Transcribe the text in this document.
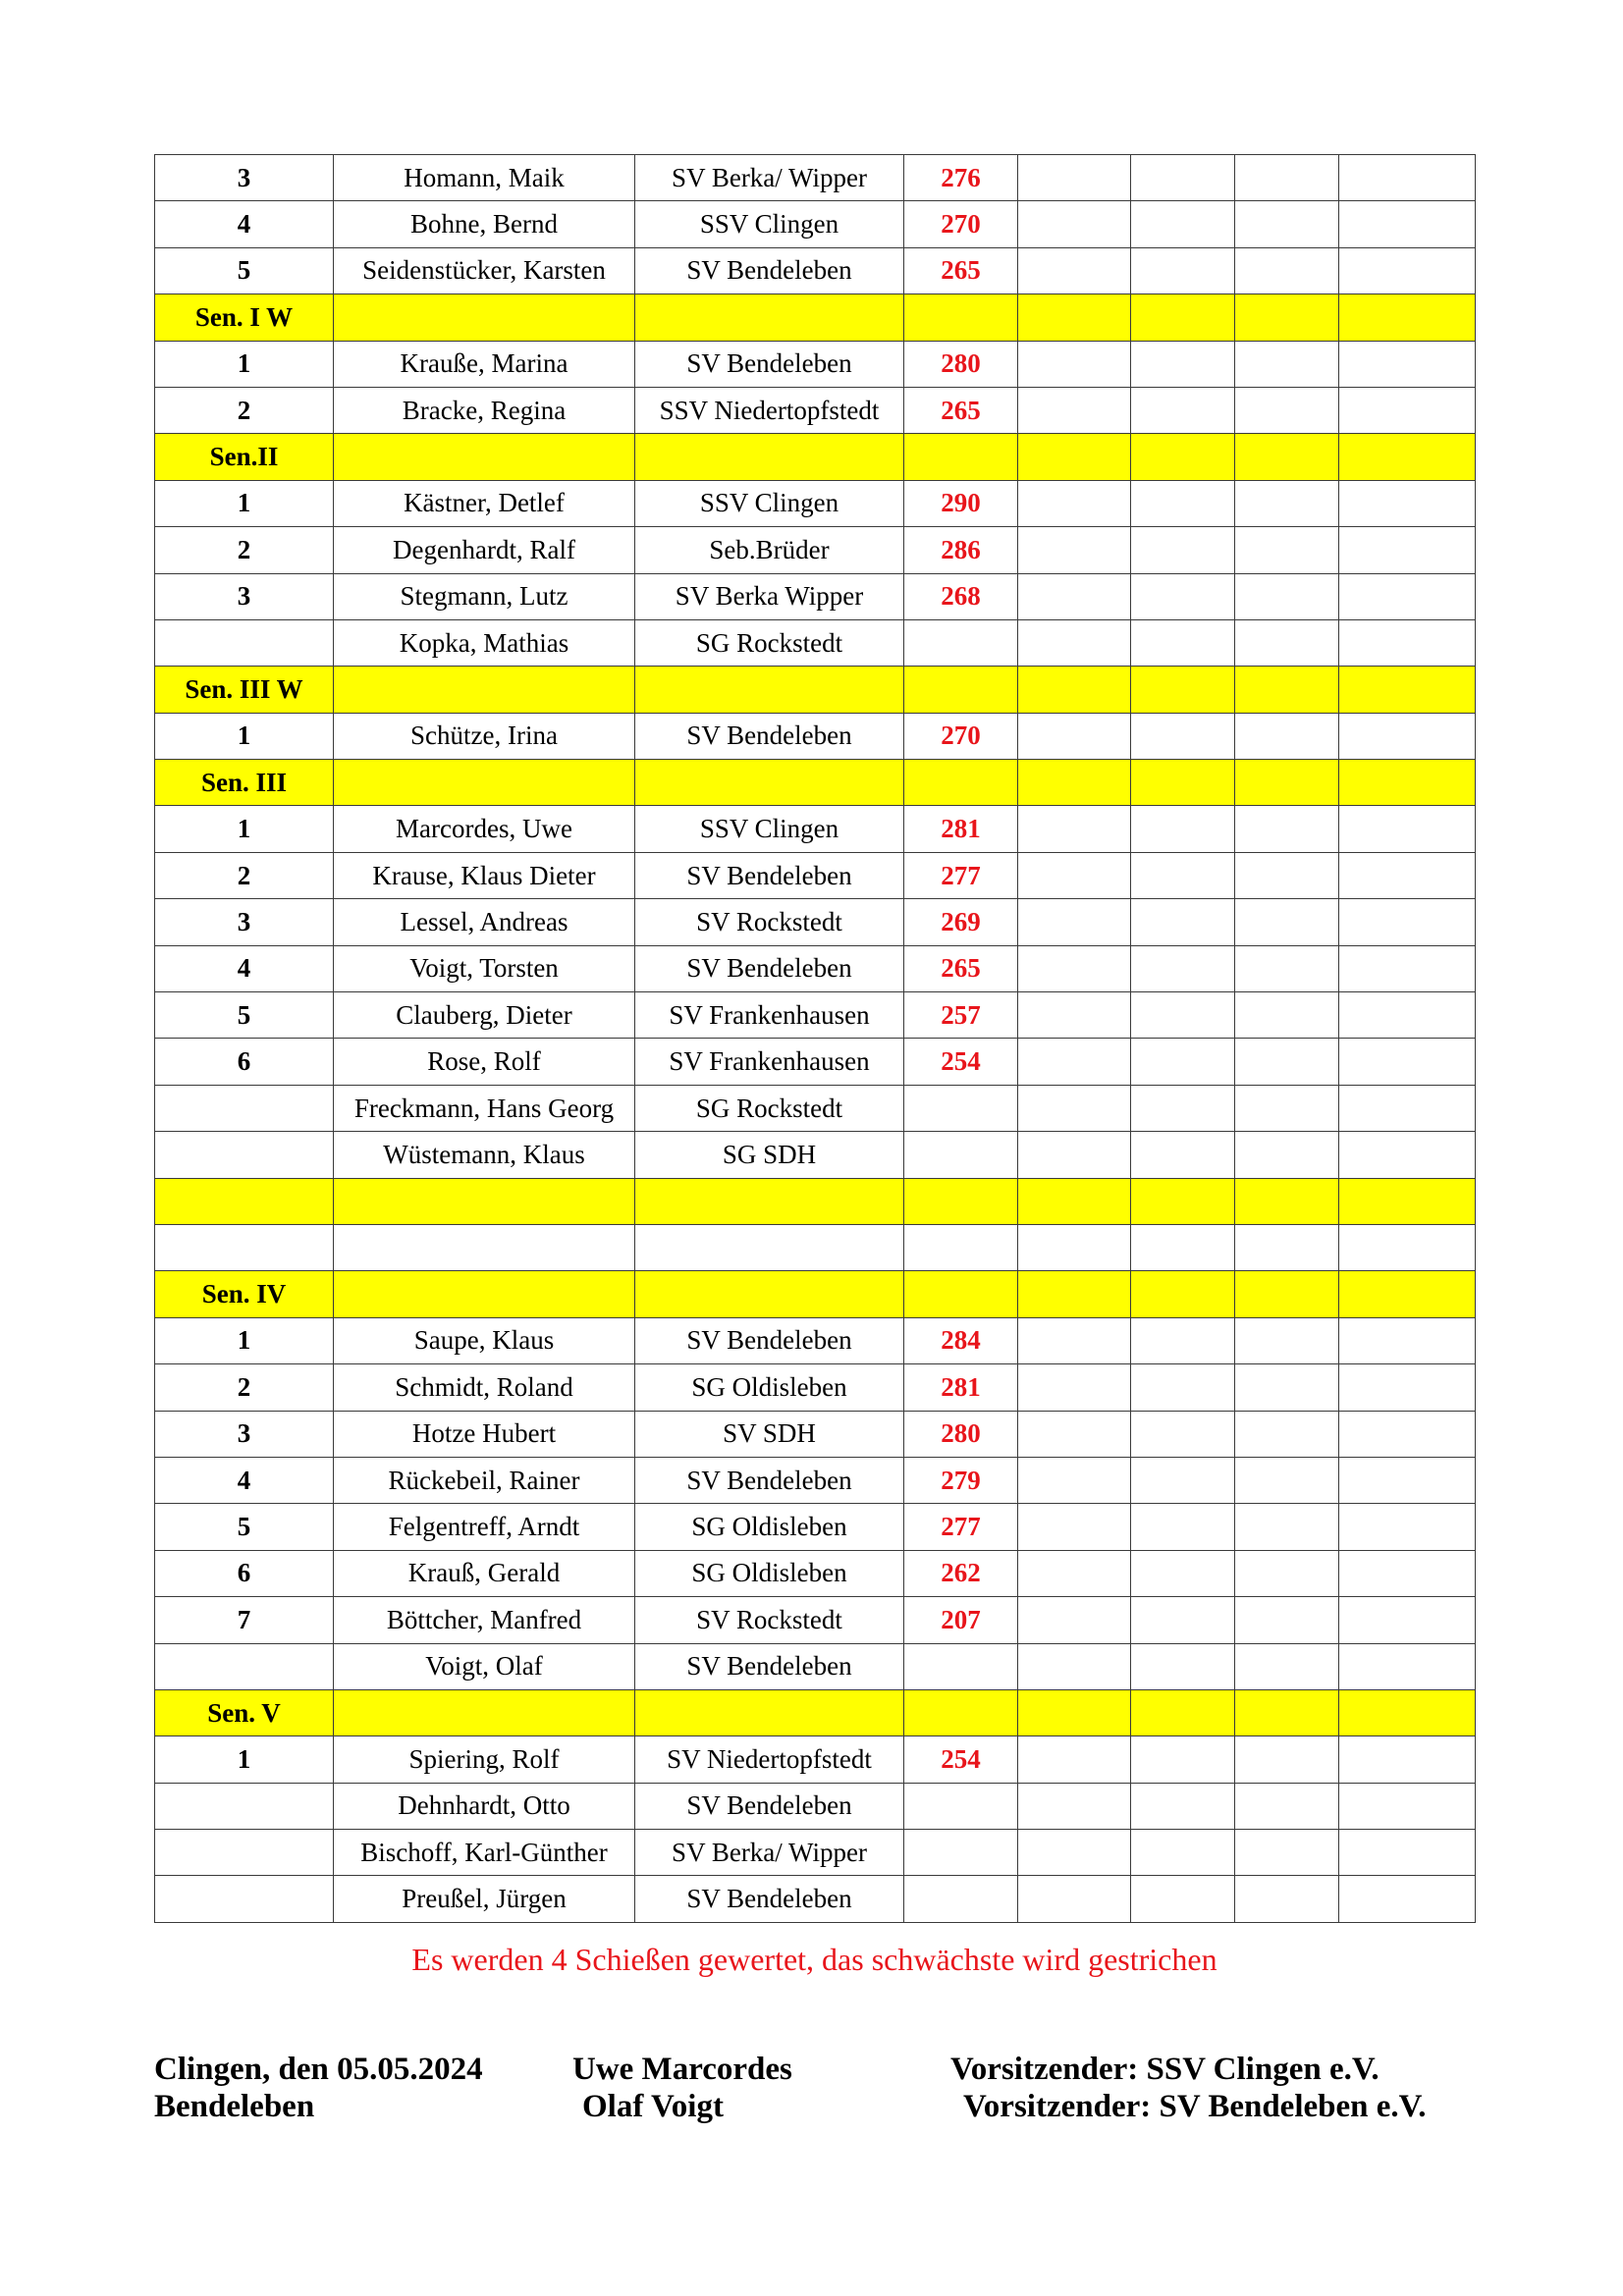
3	Homann, Maik	SV Berka/ Wipper	276				
4	Bohne, Bernd	SSV Clingen	270				
5	Seidenstücker, Karsten	SV Bendeleben	265				
Sen. I W							
1	Krauße, Marina	SV Bendeleben	280				
2	Bracke, Regina	SSV Niedertopfstedt	265				
Sen.II							
1	Kästner, Detlef	SSV Clingen	290				
2	Degenhardt, Ralf	Seb.Brüder	286				
3	Stegmann, Lutz	SV Berka Wipper	268				
	Kopka, Mathias	SG Rockstedt					
Sen. III W							
1	Schütze, Irina	SV Bendeleben	270				
Sen. III							
1	Marcordes, Uwe	SSV Clingen	281				
2	Krause, Klaus Dieter	SV Bendeleben	277				
3	Lessel, Andreas	SV Rockstedt	269				
4	Voigt, Torsten	SV Bendeleben	265				
5	Clauberg, Dieter	SV Frankenhausen	257				
6	Rose, Rolf	SV Frankenhausen	254				
	Freckmann, Hans Georg	SG Rockstedt					
	Wüstemann, Klaus	SG SDH					

Sen. IV							
1	Saupe, Klaus	SV Bendeleben	284				
2	Schmidt, Roland	SG Oldisleben	281				
3	Hotze Hubert	SV SDH	280				
4	Rückebeil, Rainer	SV Bendeleben	279				
5	Felgentreff, Arndt	SG Oldisleben	277				
6	Krauß, Gerald	SG Oldisleben	262				
7	Böttcher, Manfred	SV Rockstedt	207				
	Voigt, Olaf	SV Bendeleben					
Sen. V							
1	Spiering, Rolf	SV Niedertopfstedt	254				
	Dehnhardt, Otto	SV Bendeleben					
	Bischoff, Karl-Günther	SV Berka/ Wipper					
	Preußel, Jürgen	SV Bendeleben					
Es werden 4 Schießen gewertet, das schwächste wird gestrichen
Clingen, den 05.05.2024	Uwe Marcordes	Vorsitzender: SSV Clingen e.V.
Bendeleben	Olaf Voigt	Vorsitzender: SV Bendeleben e.V.
